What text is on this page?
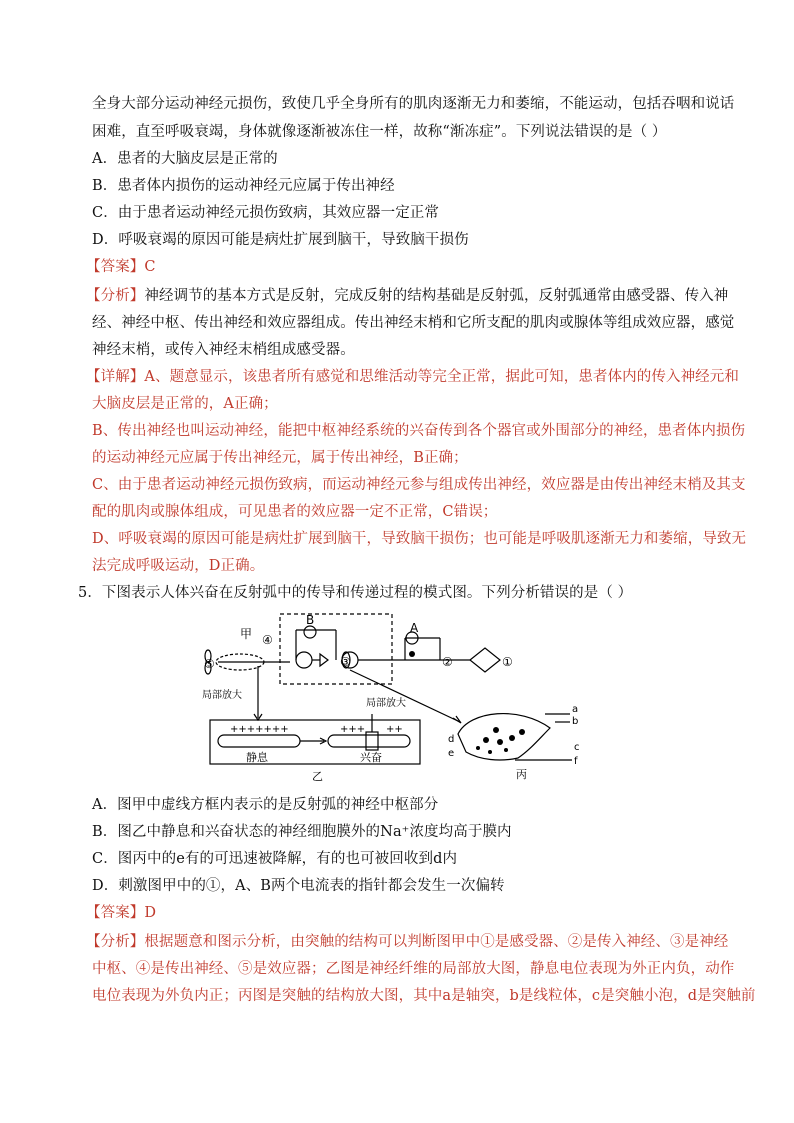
全身大部分运动神经元损伤，致使几乎全身所有的肌肉逐渐无力和萎缩，不能运动，包括吞咽和说话
困难，直至呼吸衰竭，身体就像逐渐被冻住一样，故称“渐冻症”。下列说法错误的是（ ）
A．患者的大脑皮层是正常的
B．患者体内损伤的运动神经元应属于传出神经
C．由于患者运动神经元损伤致病，其效应器一定正常
D．呼吸衰竭的原因可能是病灶扩展到脑干，导致脑干损伤
【答案】C
【分析】神经调节的基本方式是反射，完成反射的结构基础是反射弧，反射弧通常由感受器、传入神
经、神经中枢、传出神经和效应器组成。传出神经末梢和它所支配的肌肉或腺体等组成效应器，感觉
神经末梢，或传入神经末梢组成感受器。
【详解】A、题意显示，该患者所有感觉和思维活动等完全正常，据此可知，患者体内的传入神经元和
大脑皮层是正常的，A正确；
B、传出神经也叫运动神经，能把中枢神经系统的兴奋传到各个器官或外围部分的神经，患者体内损伤
的运动神经元应属于传出神经元，属于传出神经，B正确；
C、由于患者运动神经元损伤致病，而运动神经元参与组成传出神经，效应器是由传出神经末梢及其支
配的肌肉或腺体组成，可见患者的效应器一定不正常，C错误；
D、呼吸衰竭的原因可能是病灶扩展到脑干，导致脑干损伤；也可能是呼吸肌逐渐无力和萎缩，导致无
法完成呼吸运动，D正确。
5．下图表示人体兴奋在反射弧中的传导和传递过程的模式图。下列分析错误的是（ ）
甲 ④
⑤
B
③
A
②	①
局部放大
局部放大
+++++++	+++ ++
静息	兴奋
乙	丙
a
b
c
d
e
f
A．图甲中虚线方框内表示的是反射弧的神经中枢部分
B．图乙中静息和兴奋状态的神经细胞膜外的Na⁺浓度均高于膜内
C．图丙中的e有的可迅速被降解，有的也可被回收到d内
D．刺激图甲中的①，A、B两个电流表的指针都会发生一次偏转
【答案】D
【分析】根据题意和图示分析，由突触的结构可以判断图甲中①是感受器、②是传入神经、③是神经
中枢、④是传出神经、⑤是效应器；乙图是神经纤维的局部放大图，静息电位表现为外正内负，动作
电位表现为外负内正；丙图是突触的结构放大图，其中a是轴突，b是线粒体，c是突触小泡，d是突触前
